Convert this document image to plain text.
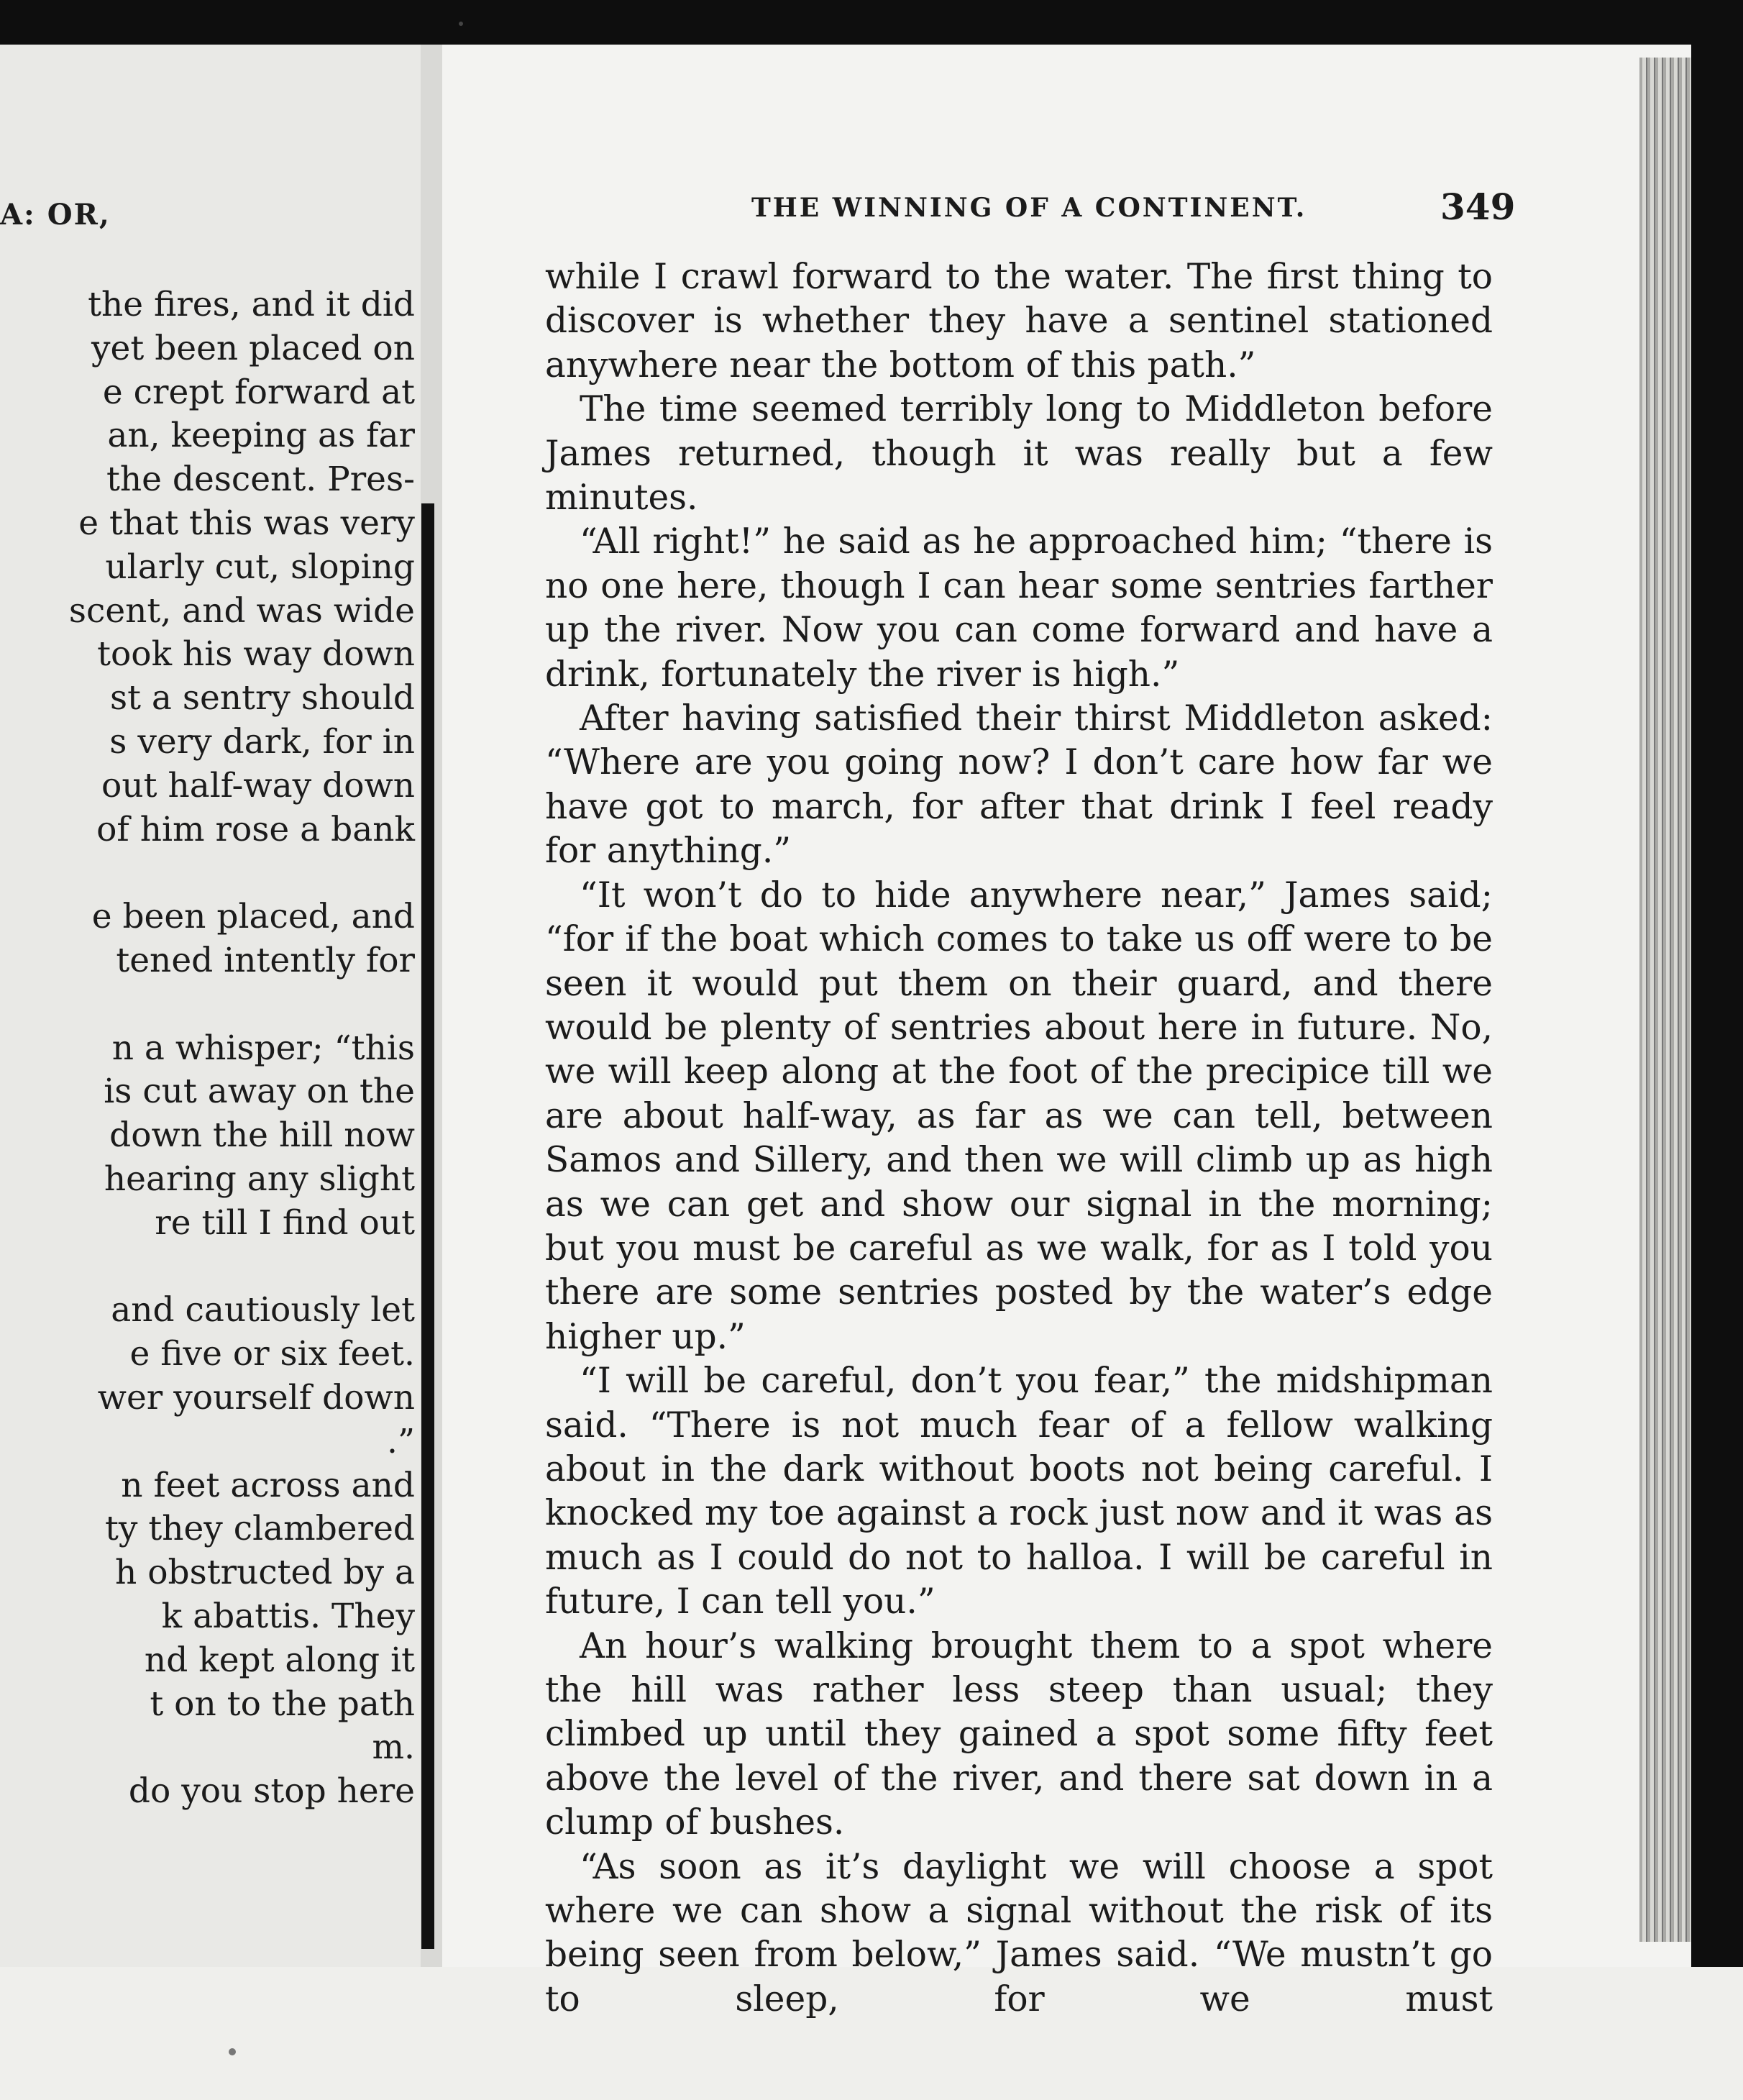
A: OR,
the fires, and it did
yet been placed on
e crept forward at
an, keeping as far
the descent. Pres-
e that this was very
ularly cut, sloping
scent, and was wide
took his way down
st a sentry should
s very dark, for in
out half-way down
of him rose a bank
e been placed, and
tened intently for
n a whisper; “this
is cut away on the
down the hill now
hearing any slight
re till I find out
and cautiously let
e five or six feet.
wer yourself down
.”
n feet across and
ty they clambered
h obstructed by a
k abattis. They
nd kept along it
t on to the path
m.
do you stop here
THE WINNING OF A CONTINENT.	349

while I crawl forward to the water. The first thing to discover is whether they have a sentinel stationed anywhere near the bottom of this path.”

The time seemed terribly long to Middleton before James returned, though it was really but a few minutes.

“All right!” he said as he approached him; “there is no one here, though I can hear some sentries farther up the river. Now you can come forward and have a drink, fortunately the river is high.”

After having satisfied their thirst Middleton asked: “Where are you going now? I don’t care how far we have got to march, for after that drink I feel ready for anything.”

“It won’t do to hide anywhere near,” James said; “for if the boat which comes to take us off were to be seen it would put them on their guard, and there would be plenty of sentries about here in future. No, we will keep along at the foot of the precipice till we are about half-way, as far as we can tell, between Samos and Sillery, and then we will climb up as high as we can get and show our signal in the morning; but you must be careful as we walk, for as I told you there are some sentries posted by the water’s edge higher up.”

“I will be careful, don’t you fear,” the midshipman said. “There is not much fear of a fellow walking about in the dark without boots not being careful. I knocked my toe against a rock just now and it was as much as I could do not to halloa. I will be careful in future, I can tell you.”

An hour’s walking brought them to a spot where the hill was rather less steep than usual; they climbed up until they gained a spot some fifty feet above the level of the river, and there sat down in a clump of bushes.

“As soon as it’s daylight we will choose a spot where we can show a signal without the risk of its being seen from below,” James said. “We mustn’t go to sleep, for we must
